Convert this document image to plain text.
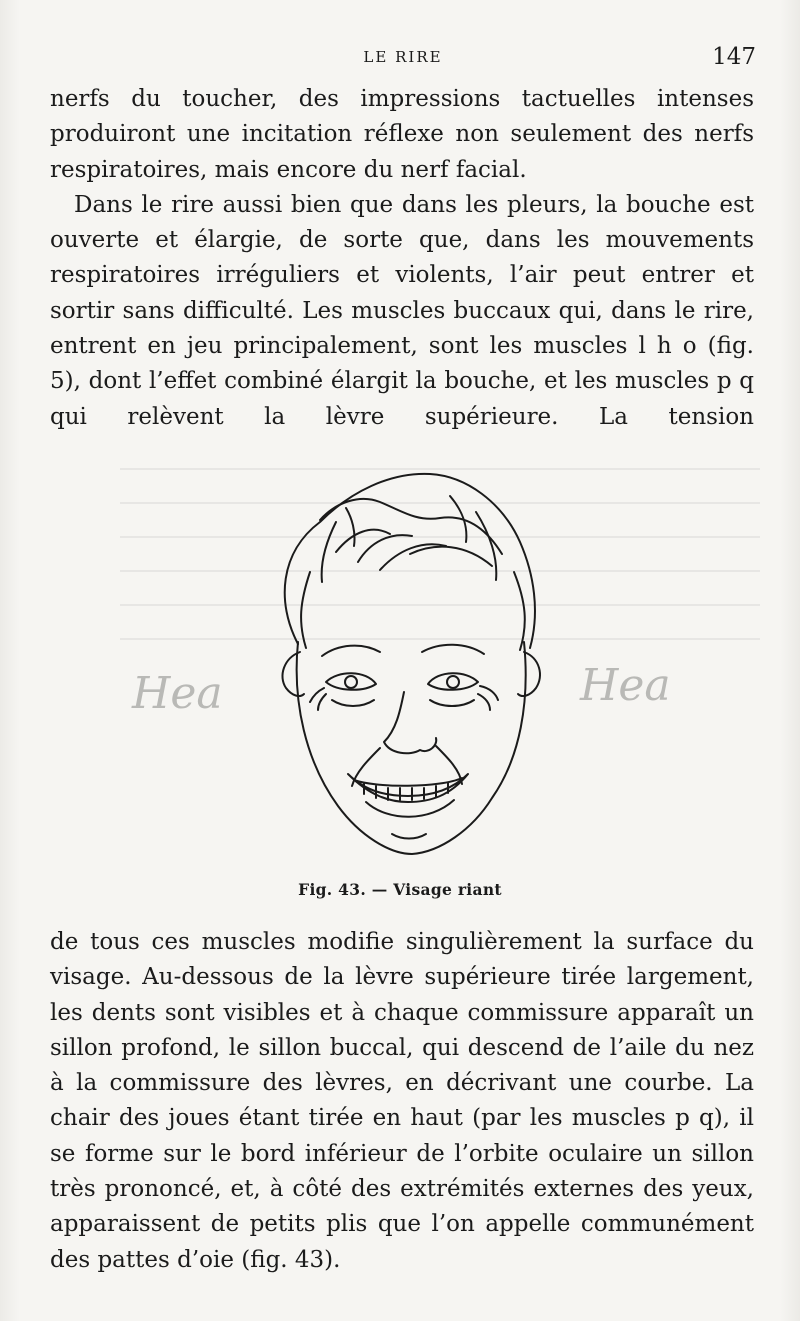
LE RIRE	147

nerfs du toucher, des impressions tactuelles intenses produiront une incitation réflexe non seulement des nerfs respiratoires, mais encore du nerf facial.

Dans le rire aussi bien que dans les pleurs, la bouche est ouverte et élargie, de sorte que, dans les mouvements respiratoires irréguliers et violents, l’air peut entrer et sortir sans difficulté. Les muscles buccaux qui, dans le rire, entrent en jeu principalement, sont les muscles l h o (fig. 5), dont l’effet combiné élargit la bouche, et les muscles p q qui relèvent la lèvre supérieure. La tension

Hea	Hea
Fig. 43. — Visage riant

de tous ces muscles modifie singulièrement la surface du visage. Au-dessous de la lèvre supérieure tirée largement, les dents sont visibles et à chaque commissure apparaît un sillon profond, le sillon buccal, qui descend de l’aile du nez à la commissure des lèvres, en décrivant une courbe. La chair des joues étant tirée en haut (par les muscles p q), il se forme sur le bord inférieur de l’orbite oculaire un sillon très prononcé, et, à côté des extrémités externes des yeux, apparaissent de petits plis que l’on appelle communément des pattes d’oie (fig. 43).
